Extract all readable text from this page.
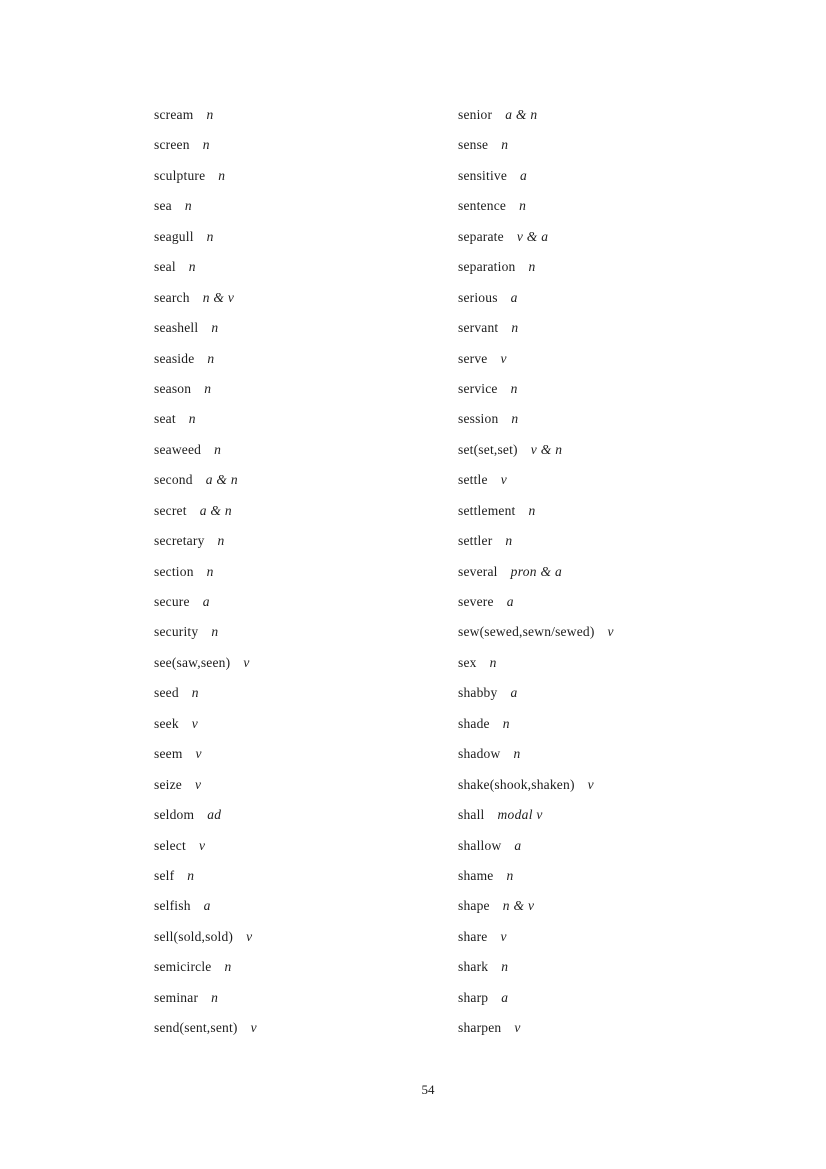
scream n
screen n
sculpture n
sea n
seagull n
seal n
search n & v
seashell n
seaside n
season n
seat n
seaweed n
second a & n
secret a & n
secretary n
section n
secure a
security n
see(saw,seen) v
seed n
seek v
seem v
seize v
seldom ad
select v
self n
selfish a
sell(sold,sold) v
semicircle n
seminar n
send(sent,sent) v
senior a & n
sense n
sensitive a
sentence n
separate v & a
separation n
serious a
servant n
serve v
service n
session n
set(set,set) v & n
settle v
settlement n
settler n
several pron & a
severe a
sew(sewed,sewn/sewed) v
sex n
shabby a
shade n
shadow n
shake(shook,shaken) v
shall modal v
shallow a
shame n
shape n & v
share v
shark n
sharp a
sharpen v
54
